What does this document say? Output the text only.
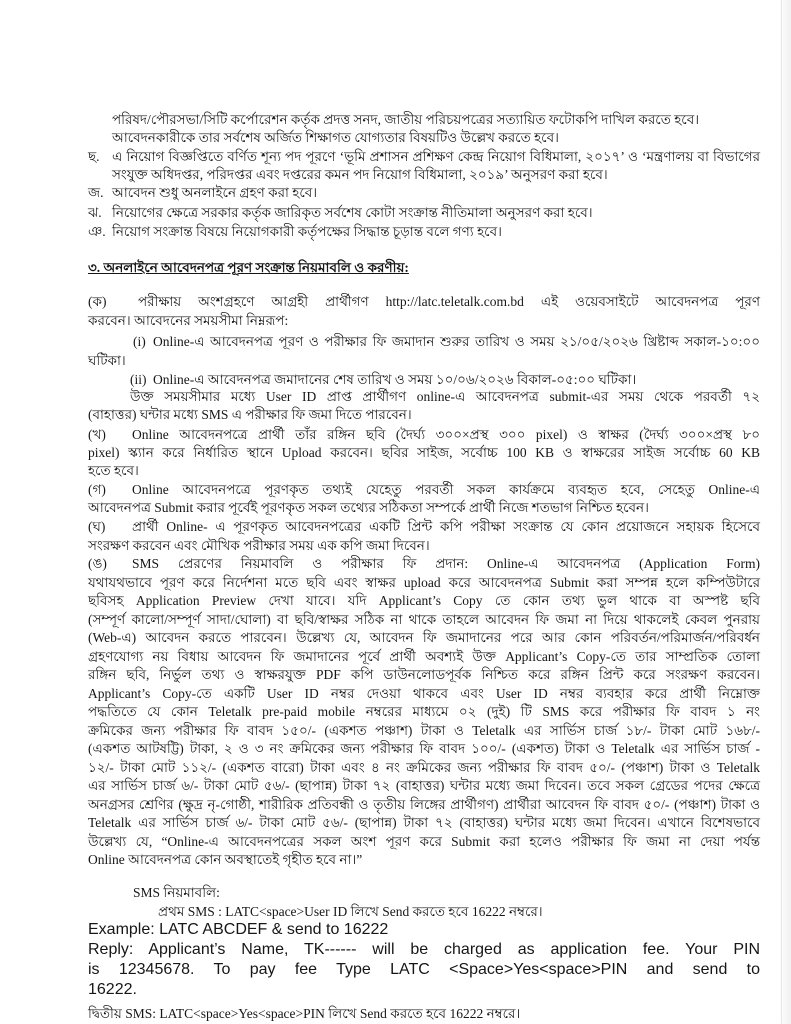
পরিষদ/পৌরসভা/সিটি কর্পোরেশন কর্তৃক প্রদত্ত সনদ, জাতীয় পরিচয়পত্রের সত্যায়িত ফটোকপি দাখিল করতে হবে।
আবেদনকারীকে তার সর্বশেষ অর্জিত শিক্ষাগত যোগ্যতার বিষয়টিও উল্লেখ করতে হবে।
ছ. এ নিয়োগ বিজ্ঞপ্তিতে বর্ণিত শূন্য পদ পূরণে ‘ভূমি প্রশাসন প্রশিক্ষণ কেন্দ্র নিয়োগ বিধিমালা, ২০১৭’ ও ‘মন্ত্রণালয় বা বিভাগের
সংযুক্ত অধিদপ্তর, পরিদপ্তর এবং দপ্তরের কমন পদ নিয়োগ বিধিমালা, ২০১৯’ অনুসরণ করা হবে।
জ. আবেদন শুধু অনলাইনে গ্রহণ করা হবে।
ঝ. নিয়োগের ক্ষেত্রে সরকার কর্তৃক জারিকৃত সর্বশেষ কোটা সংক্রান্ত নীতিমালা অনুসরণ করা হবে।
ঞ. নিয়োগ সংক্রান্ত বিষয়ে নিয়োগকারী কর্তৃপক্ষের সিদ্ধান্ত চূড়ান্ত বলে গণ্য হবে।
৩. অনলাইনে আবেদনপত্র পূরণ সংক্রান্ত নিয়মাবলি ও করণীয়:
(ক) পরীক্ষায় অংশগ্রহণে আগ্রহী প্রার্থীগণ http://latc.teletalk.com.bd এই ওয়েবসাইটে আবেদনপত্র পূরণ
করবেন। আবেদনের সময়সীমা নিম্নরূপ:
(i) Online-এ আবেদনপত্র পূরণ ও পরীক্ষার ফি জমাদান শুরুর তারিখ ও সময় ২১/০৫/২০২৬ খ্রিষ্টাব্দ সকাল-১০:০০
ঘটিকা।
(ii) Online-এ আবেদনপত্র জমাদানের শেষ তারিখ ও সময় ১০/০৬/২০২৬ বিকাল-০৫:০০ ঘটিকা।
উক্ত সময়সীমার মধ্যে User ID প্রাপ্ত প্রার্থীগণ online-এ আবেদনপত্র submit-এর সময় থেকে পরবর্তী ৭২
(বাহাত্তর) ঘন্টার মধ্যে SMS এ পরীক্ষার ফি জমা দিতে পারবেন।
(খ) Online আবেদনপত্রে প্রার্থী তাঁর রঙ্গিন ছবি (দৈর্ঘ্য ৩০০×প্রস্থ ৩০০ pixel) ও স্বাক্ষর (দৈর্ঘ্য ৩০০×প্রস্থ ৮০
pixel) স্ক্যান করে নির্ধারিত স্থানে Upload করবেন। ছবির সাইজ, সর্বোচ্চ 100 KB ও স্বাক্ষরের সাইজ সর্বোচ্চ 60 KB
হতে হবে।
(গ) Online আবেদনপত্রে পূরণকৃত তথ্যই যেহেতু পরবর্তী সকল কার্যক্রমে ব্যবহৃত হবে, সেহেতু Online-এ
আবেদনপত্র Submit করার পূর্বেই পূরণকৃত সকল তথ্যের সঠিকতা সম্পর্কে প্রার্থী নিজে শতভাগ নিশ্চিত হবেন।
(ঘ) প্রার্থী Online- এ পূরণকৃত আবেদনপত্রের একটি প্রিন্ট কপি পরীক্ষা সংক্রান্ত যে কোন প্রয়োজনে সহায়ক হিসেবে
সংরক্ষণ করবেন এবং মৌখিক পরীক্ষার সময় এক কপি জমা দিবেন।
(ঙ) SMS প্রেরণের নিয়মাবলি ও পরীক্ষার ফি প্রদান: Online-এ আবেদনপত্র (Application Form)
যথাযথভাবে পূরণ করে নির্দেশনা মতে ছবি এবং স্বাক্ষর upload করে আবেদনপত্র Submit করা সম্পন্ন হলে কম্পিউটারে
ছবিসহ Application Preview দেখা যাবে। যদি Applicant’s Copy তে কোন তথ্য ভুল থাকে বা অস্পষ্ট ছবি
(সম্পূর্ণ কালো/সম্পূর্ণ সাদা/ঘোলা) বা ছবি/স্বাক্ষর সঠিক না থাকে তাহলে আবেদন ফি জমা না দিয়ে থাকলেই কেবল পুনরায়
(Web-এ) আবেদন করতে পারবেন। উল্লেখ্য যে, আবেদন ফি জমাদানের পরে আর কোন পরিবর্তন/পরিমার্জন/পরিবর্ধন
গ্রহণযোগ্য নয় বিধায় আবেদন ফি জমাদানের পূর্বে প্রার্থী অবশ্যই উক্ত Applicant’s Copy-তে তার সাম্প্রতিক তোলা
রঙ্গিন ছবি, নির্ভুল তথ্য ও স্বাক্ষরযুক্ত PDF কপি ডাউনলোডপূর্বক নিশ্চিত করে রঙ্গিন প্রিন্ট করে সংরক্ষণ করবেন।
Applicant’s Copy-তে একটি User ID নম্বর দেওয়া থাকবে এবং User ID নম্বর ব্যবহার করে প্রার্থী নিম্নোক্ত
পদ্ধতিতে যে কোন Teletalk pre-paid mobile নম্বরের মাধ্যমে ০২ (দুই) টি SMS করে পরীক্ষার ফি বাবদ ১ নং
ক্রমিকের জন্য পরীক্ষার ফি বাবদ ১৫০/- (একশত পঞ্চাশ) টাকা ও Teletalk এর সার্ভিস চার্জ ১৮/- টাকা মোট ১৬৮/-
(একশত আটষট্টি) টাকা, ২ ও ৩ নং ক্রমিকের জন্য পরীক্ষার ফি বাবদ ১০০/- (একশত) টাকা ও Teletalk এর সার্ভিস চার্জ -
১২/- টাকা মোট ১১২/- (একশত বারো) টাকা এবং ৪ নং ক্রমিকের জন্য পরীক্ষার ফি বাবদ ৫০/- (পঞ্চাশ) টাকা ও Teletalk
এর সার্ভিস চার্জ ৬/- টাকা মোট ৫৬/- (ছাপান্ন) টাকা ৭২ (বাহাত্তর) ঘন্টার মধ্যে জমা দিবেন। তবে সকল গ্রেডের পদের ক্ষেত্রে
অনগ্রসর শ্রেণির (ক্ষুদ্র নৃ-গোষ্ঠী, শারীরিক প্রতিবন্ধী ও তৃতীয় লিঙ্গের প্রার্থীগণ) প্রার্থীরা আবেদন ফি বাবদ ৫০/- (পঞ্চাশ) টাকা ও
Teletalk এর সার্ভিস চার্জ ৬/- টাকা মোট ৫৬/- (ছাপান্ন) টাকা ৭২ (বাহাত্তর) ঘন্টার মধ্যে জমা দিবেন। এখানে বিশেষভাবে
উল্লেখ্য যে, “Online-এ আবেদনপত্রের সকল অংশ পূরণ করে Submit করা হলেও পরীক্ষার ফি জমা না দেয়া পর্যন্ত
Online আবেদনপত্র কোন অবস্থাতেই গৃহীত হবে না।”
SMS নিয়মাবলি:
প্রথম SMS : LATC<space>User ID লিখে Send করতে হবে 16222 নম্বরে।
Example: LATC ABCDEF & send to 16222
Reply: Applicant’s Name, TK------ will be charged as application fee. Your PIN
is 12345678. To pay fee Type LATC <Space>Yes<space>PIN and send to
16222.
দ্বিতীয় SMS: LATC<space>Yes<space>PIN লিখে Send করতে হবে 16222 নম্বরে।
